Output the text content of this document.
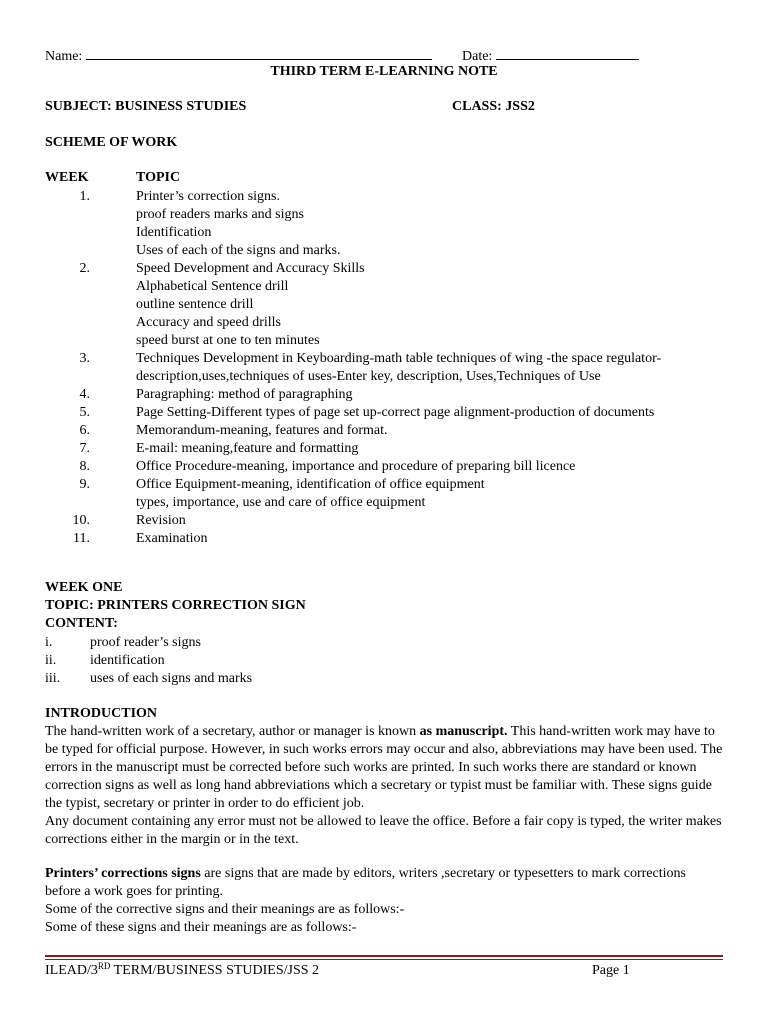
Name:	Date:
THIRD TERM E-LEARNING NOTE
SUBJECT: BUSINESS STUDIES	CLASS: JSS2
SCHEME OF WORK
WEEK	TOPIC
1.	Printer’s correction signs.
proof readers marks and signs
Identification
Uses of each of the signs and marks.
2.	Speed Development and Accuracy Skills
Alphabetical Sentence drill
outline sentence drill
Accuracy and speed drills
speed burst at one to ten minutes
3.	Techniques Development in Keyboarding-math table techniques of wing -the space regulator-
description,uses,techniques of uses-Enter key, description, Uses,Techniques of Use
4.	Paragraphing: method of paragraphing
5.	Page Setting-Different types of page set up-correct page alignment-production of documents
6.	Memorandum-meaning, features and format.
7.	E-mail: meaning,feature and formatting
8.	Office Procedure-meaning, importance and procedure of preparing bill licence
9.	Office Equipment-meaning, identification of office equipment
types, importance, use and care of office equipment
10.	Revision
11.	Examination
WEEK ONE
TOPIC: PRINTERS CORRECTION SIGN
CONTENT:
i.	proof reader’s signs
ii. identification
iii. uses of each signs and marks
INTRODUCTION

The hand-written work of a secretary, author or manager is known as manuscript. This hand-written work may have to be typed for official purpose. However, in such works errors may occur and also, abbreviations may have been used. The errors in the manuscript must be corrected before such works are printed. In such works there are standard or known correction signs as well as long hand abbreviations which a secretary or typist must be familiar with. These signs guide the typist, secretary or printer in order to do efficient job.

Any document containing any error must not be allowed to leave the office. Before a fair copy is typed, the writer makes corrections either in the margin or in the text.

Printers’ corrections signs are signs that are made by editors, writers ,secretary or typesetters to mark corrections before a work goes for printing.

Some of the corrective signs and their meanings are as follows:-

Some of these signs and their meanings are as follows:-

ILEAD/3RD TERM/BUSINESS STUDIES/JSS 2	Page 1
